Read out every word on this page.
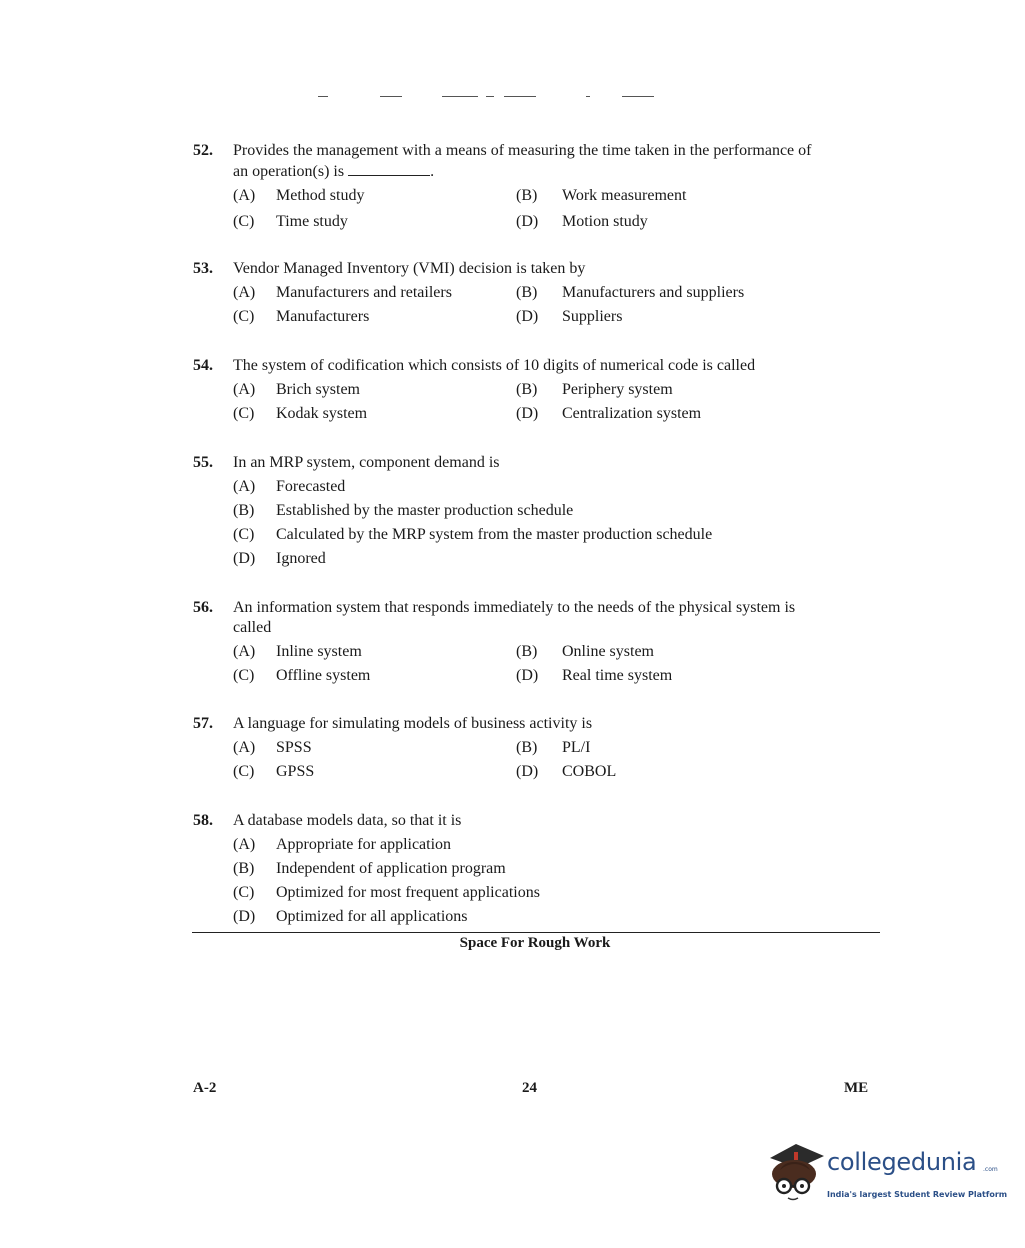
52. Provides the management with a means of measuring the time taken in the performance of
an operation(s) is	.
(A) Method study	(B) Work measurement
(C) Time study	(D) Motion study
53. Vendor Managed Inventory (VMI) decision is taken by
(A) Manufacturers and retailers	(B) Manufacturers and suppliers
(C) Manufacturers	(D) Suppliers
54. The system of codification which consists of 10 digits of numerical code is called
(A) Brich system	(B) Periphery system
(C) Kodak system	(D) Centralization system
55. In an MRP system, component demand is
(A) Forecasted
(B) Established by the master production schedule
(C) Calculated by the MRP system from the master production schedule
(D) Ignored
56. An information system that responds immediately to the needs of the physical system is
called
(A) Inline system	(B) Online system
(C) Offline system	(D) Real time system
57. A language for simulating models of business activity is
(A) SPSS	(B) PL/I
(C) GPSS	(D) COBOL
58. A database models data, so that it is
(A) Appropriate for application
(B) Independent of application program
(C) Optimized for most frequent applications
(D) Optimized for all applications
Space For Rough Work
A-2	24	ME
collegedunia .com
India's largest Student Review Platform
